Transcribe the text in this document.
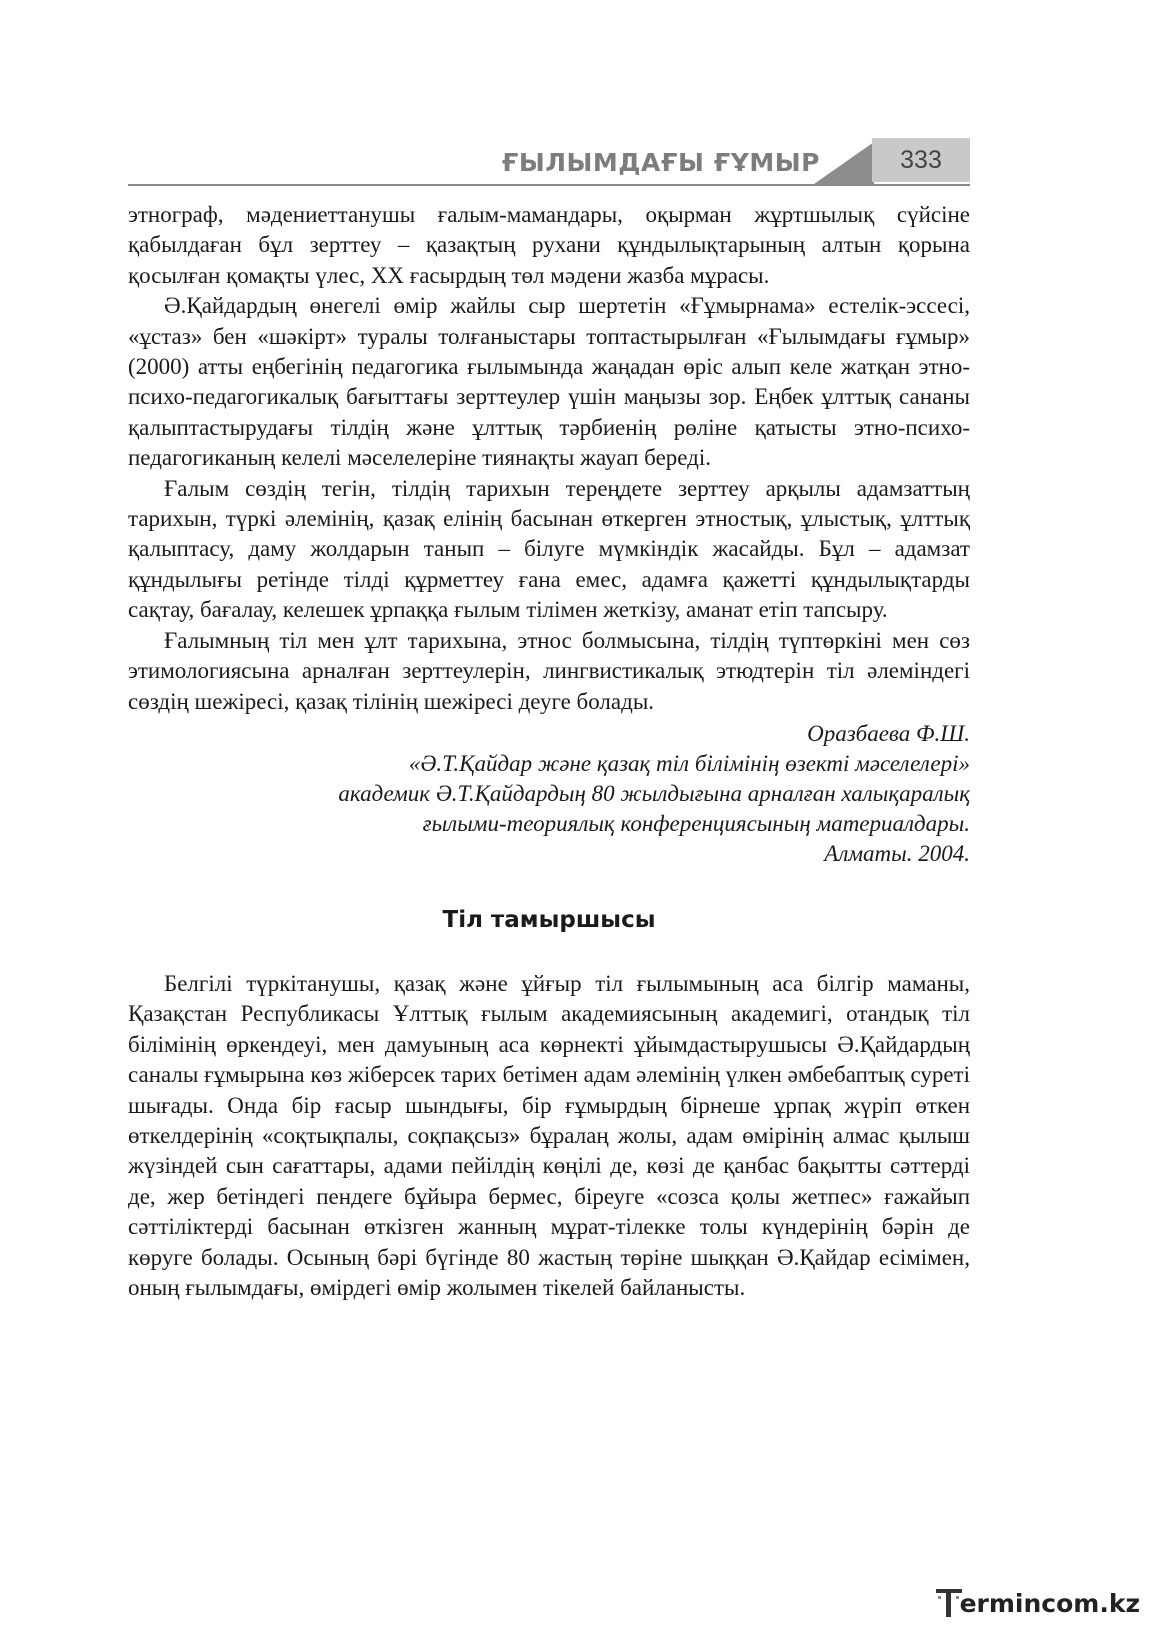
ҒЫЛЫМДАҒЫ ҒҰМЫР	333

этнограф, мәдениеттанушы ғалым-мамандары, оқырман жұртшылық сүйсіне қабылдаған бұл зерттеу – қазақтың рухани құндылықтарының алтын қорына қосылған қомақты үлес, XX ғасырдың төл мәдени жазба мұрасы.

Ә.Қайдардың өнегелі өмір жайлы сыр шертетін «Ғұмырнама» естелік-эссесі, «ұстаз» бен «шәкірт» туралы толғаныстары топтастырылған «Ғылымдағы ғұмыр» (2000) атты еңбегінің педагогика ғылымында жаңадан өріс алып келе жатқан этно-психо-педагогикалық бағыттағы зерттеулер үшін маңызы зор. Еңбек ұлттық сананы қалыптастырудағы тілдің және ұлттық тәрбиенің рөліне қатысты этно-психо-педагогиканың келелі мәселелеріне тиянақты жауап береді.

Ғалым сөздің тегін, тілдің тарихын тереңдете зерттеу арқылы адамзаттың тарихын, түркі әлемінің, қазақ елінің басынан өткерген этностық, ұлыстық, ұлттық қалыптасу, даму жолдарын танып – білуге мүмкіндік жасайды. Бұл – адамзат құндылығы ретінде тілді құрметтеу ғана емес, адамға қажетті құндылықтарды сақтау, бағалау, келешек ұрпаққа ғылым тілімен жеткізу, аманат етіп тапсыру.

Ғалымның тіл мен ұлт тарихына, этнос болмысына, тілдің түптөркіні мен сөз этимологиясына арналған зерттеулерін, лингвистикалық этюдтерін тіл әлеміндегі сөздің шежіресі, қазақ тілінің шежіресі деуге болады.

Оразбаева Ф.Ш.
«Ә.Т.Қайдар және қазақ тіл білімінің өзекті мәселелері»
академик Ә.Т.Қайдардың 80 жылдығына арналған халықаралық
ғылыми-теориялық конференциясының материалдары.
Алматы. 2004.
Тіл тамыршысы

Белгілі түркітанушы, қазақ және ұйғыр тіл ғылымының аса білгір маманы, Қазақстан Республикасы Ұлттық ғылым академиясының академигі, отандық тіл білімінің өркендеуі, мен дамуының аса көрнекті ұйымдастырушысы Ә.Қайдардың саналы ғұмырына көз жіберсек тарих бетімен адам әлемінің үлкен әмбебаптық суреті шығады. Онда бір ғасыр шындығы, бір ғұмырдың бірнеше ұрпақ жүріп өткен өткелдерінің «соқтықпалы, соқпақсыз» бұралаң жолы, адам өмірінің алмас қылыш жүзіндей сын сағаттары, адами пейілдің көңілі де, көзі де қанбас бақытты сәттерді де, жер бетіндегі пендеге бұйыра бермес, біреуге «созса қолы жетпес» ғажайып сәттіліктерді басынан өткізген жанның мұрат-тілекке толы күндерінің бәрін де көруге болады. Осының бәрі бүгінде 80 жастың төріне шыққан Ә.Қайдар есімімен, оның ғылымдағы, өмірдегі өмір жолымен тікелей байланысты.

ermincom.kz
